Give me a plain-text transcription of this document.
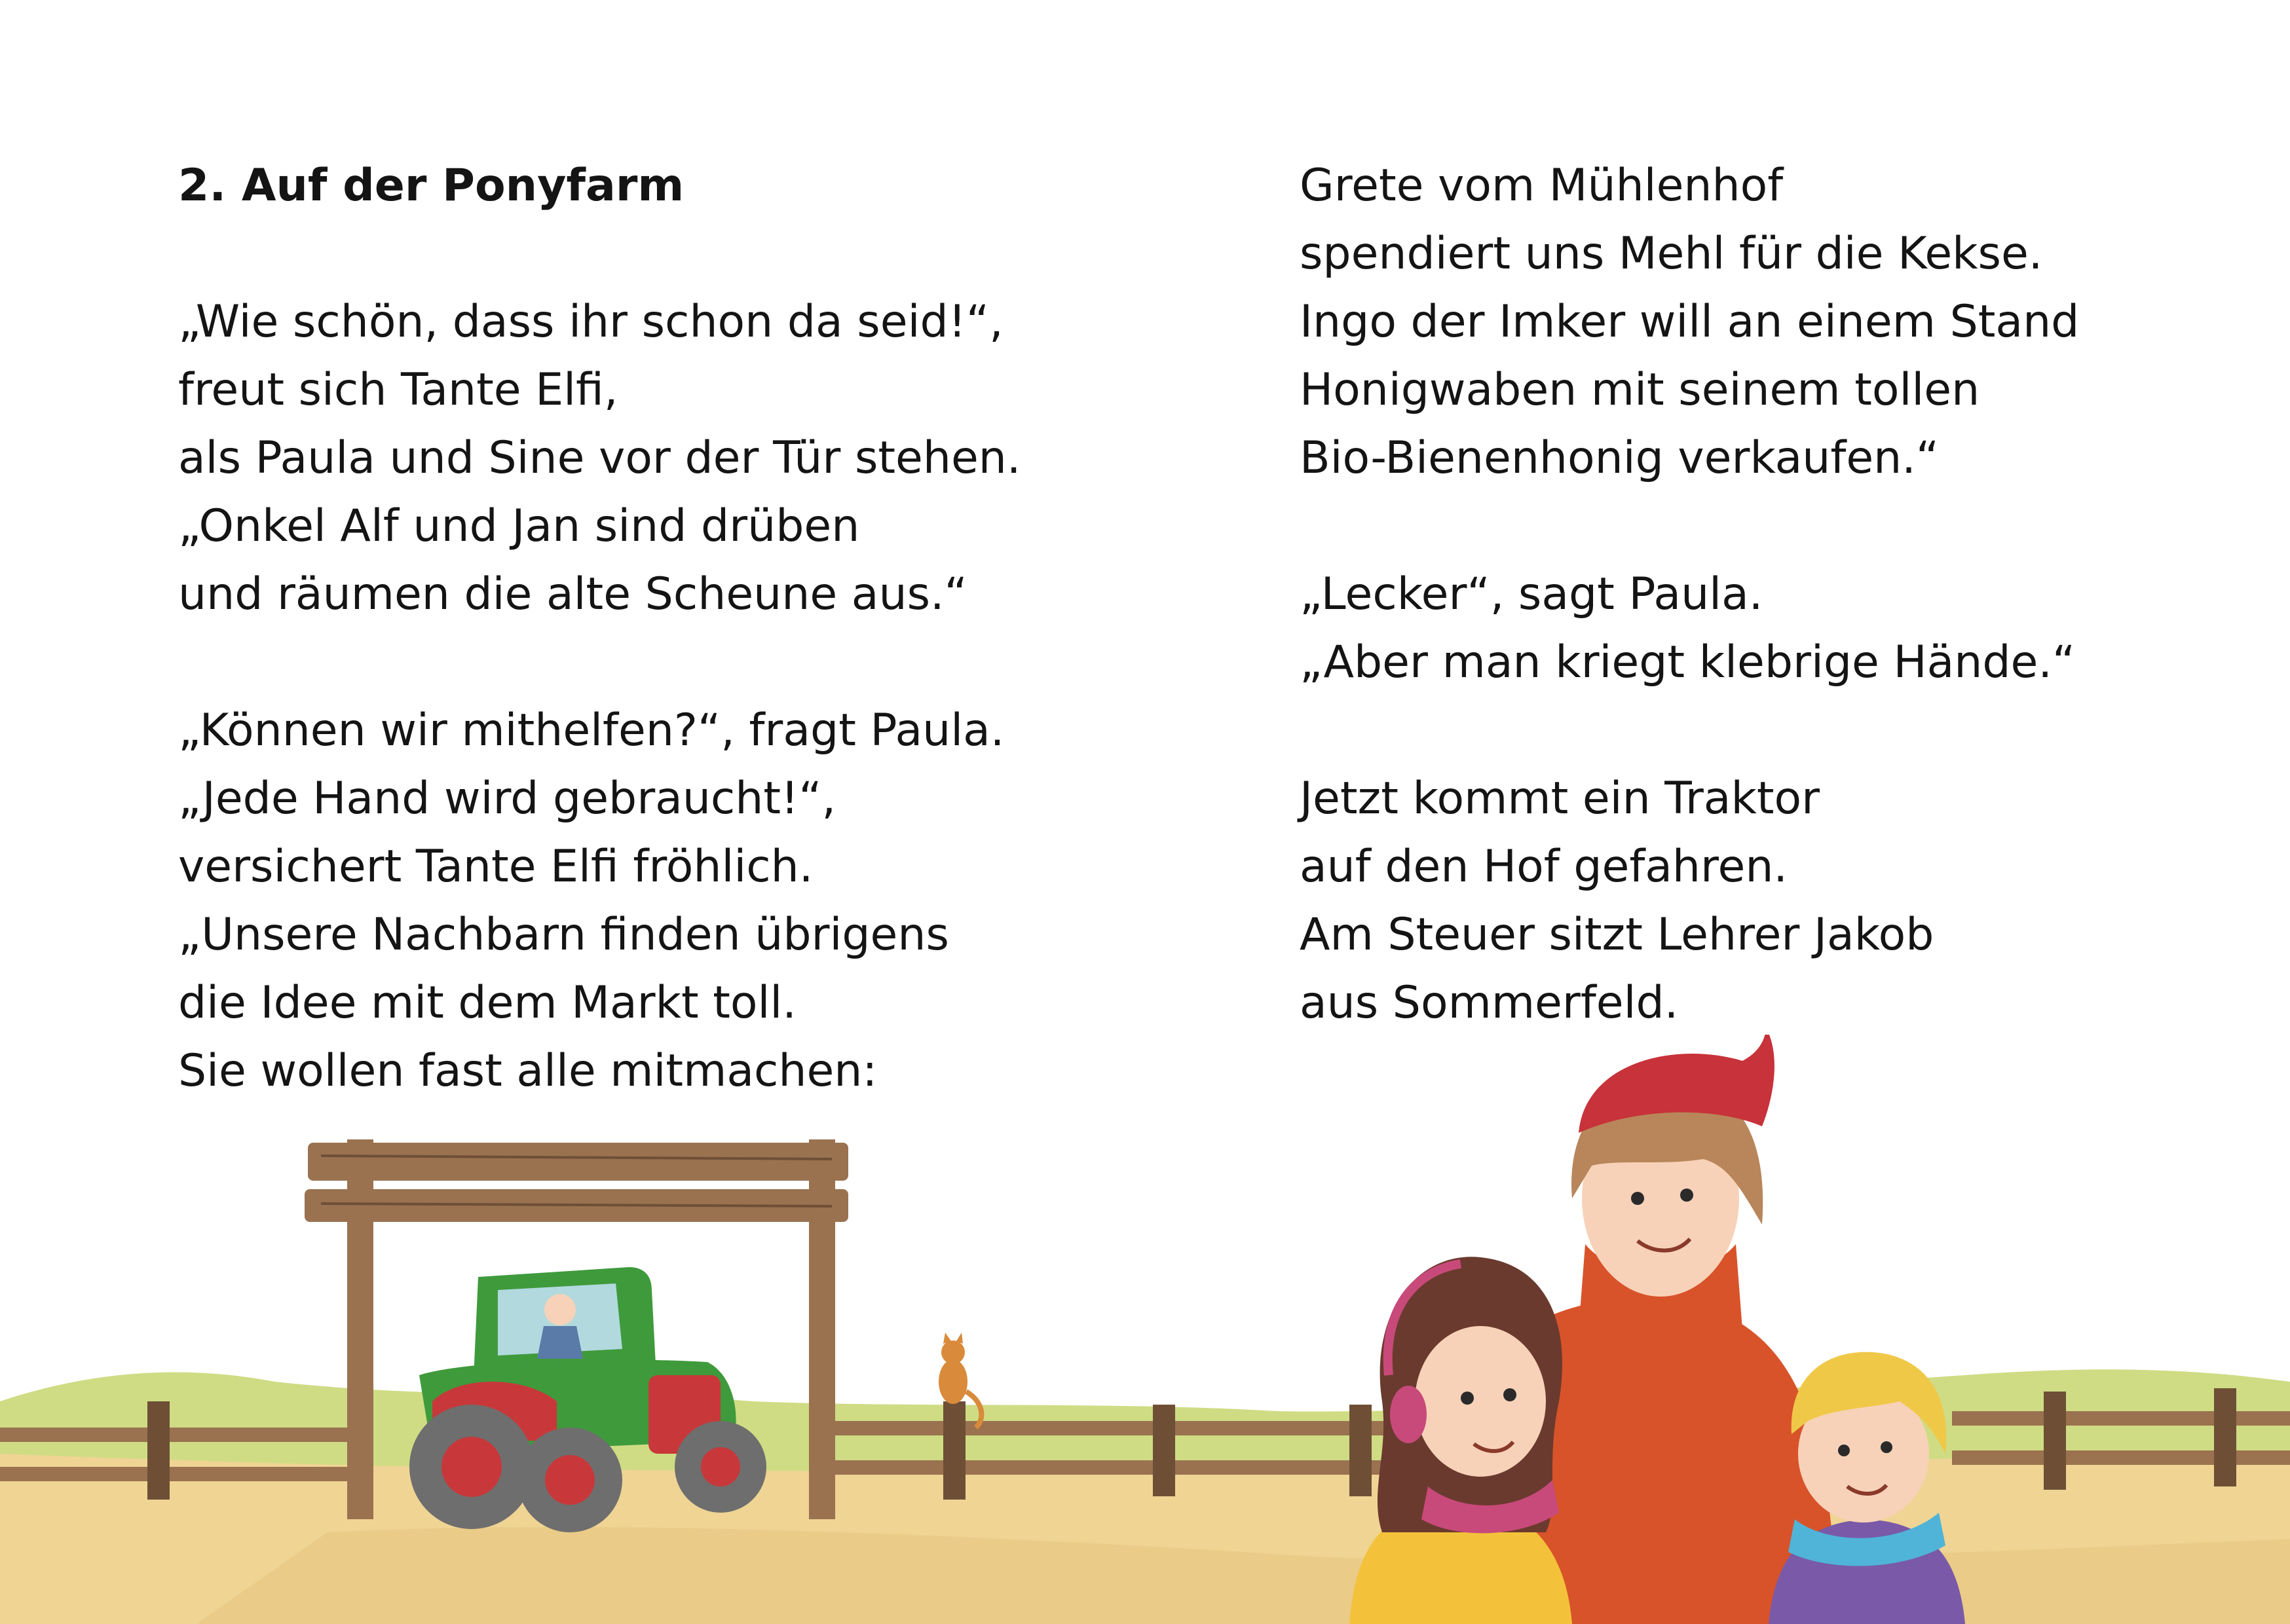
2. Auf der Ponyfarm
„Wie schön, dass ihr schon da seid!“,
freut sich Tante Elfi,
als Paula und Sine vor der Tür stehen.
„Onkel Alf und Jan sind drüben
und räumen die alte Scheune aus.“
„Können wir mithelfen?“, fragt Paula.
„Jede Hand wird gebraucht!“,
versichert Tante Elfi fröhlich.
„Unsere Nachbarn finden übrigens
die Idee mit dem Markt toll.
Sie wollen fast alle mitmachen:
Grete vom Mühlenhof
spendiert uns Mehl für die Kekse.
Ingo der Imker will an einem Stand
Honigwaben mit seinem tollen
Bio-Bienenhonig verkaufen.“
„Lecker“, sagt Paula.
„Aber man kriegt klebrige Hände.“
Jetzt kommt ein Traktor
auf den Hof gefahren.
Am Steuer sitzt Lehrer Jakob
aus Sommerfeld.
